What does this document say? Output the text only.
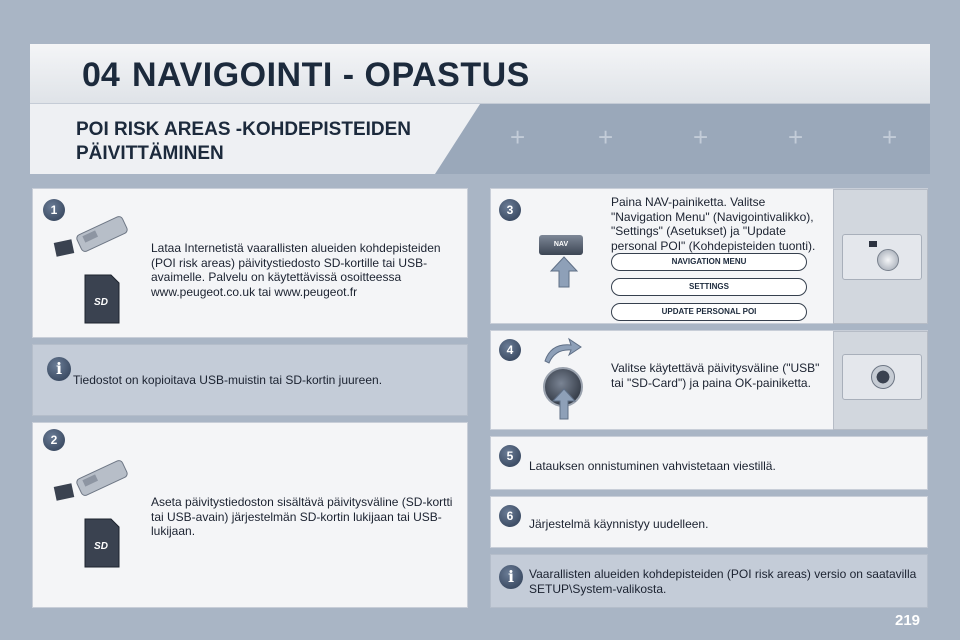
04 NAVIGOINTI - OPASTUS
+	+	+	+	+
POI RISK AREAS -KOHDEPISTEIDEN PÄIVITTÄMINEN
1
SD
Lataa Internetistä vaarallisten alueiden kohdepisteiden (POI risk areas) päivitystiedosto SD-kortille tai USB-avaimelle. Palvelu on käytettävissä osoitteessa www.peugeot.co.uk tai www.peugeot.fr
i
Tiedostot on kopioitava USB-muistin tai SD-kortin juureen.
2
SD
Aseta päivitystiedoston sisältävä päivitysväline (SD-kortti tai USB-avain) järjestelmän SD-kortin lukijaan tai USB-lukijaan.
3
NAV
Paina NAV-painiketta. Valitse "Navigation Menu" (Navigointivalikko), "Settings" (Asetukset) ja "Update personal POI" (Kohdepisteiden tuonti).
NAVIGATION MENU
SETTINGS
UPDATE PERSONAL POI
4
Valitse käytettävä päivitysväline ("USB" tai "SD-Card") ja paina OK-painiketta.
5
Latauksen onnistuminen vahvistetaan viestillä.
6
Järjestelmä käynnistyy uudelleen.
i	Vaarallisten alueiden kohdepisteiden (POI risk areas) versio on saatavilla SETUP\System-valikosta.
219
